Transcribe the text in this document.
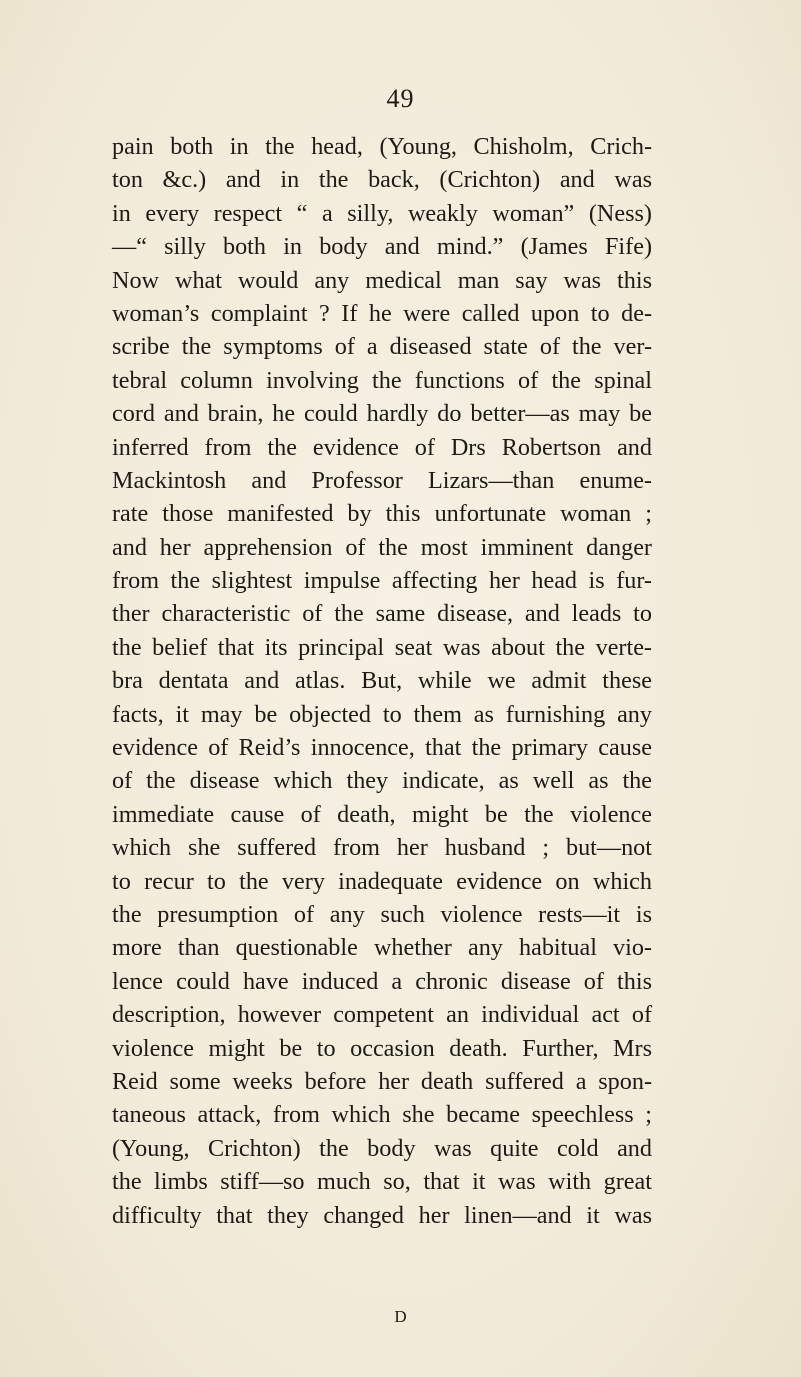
49
pain both in the head, (Young, Chisholm, Crich-
ton &c.) and in the back, (Crichton) and was
in every respect “ a silly, weakly woman” (Ness)
—“ silly both in body and mind.” (James Fife)
Now what would any medical man say was this
woman’s complaint ? If he were called upon to de-
scribe the symptoms of a diseased state of the ver-
tebral column involving the functions of the spinal
cord and brain, he could hardly do better—as may be
inferred from the evidence of Drs Robertson and
Mackintosh and Professor Lizars—than enume-
rate those manifested by this unfortunate woman ;
and her apprehension of the most imminent danger
from the slightest impulse affecting her head is fur-
ther characteristic of the same disease, and leads to
the belief that its principal seat was about the verte-
bra dentata and atlas. But, while we admit these
facts, it may be objected to them as furnishing any
evidence of Reid’s innocence, that the primary cause
of the disease which they indicate, as well as the
immediate cause of death, might be the violence
which she suffered from her husband ; but—not
to recur to the very inadequate evidence on which
the presumption of any such violence rests—it is
more than questionable whether any habitual vio-
lence could have induced a chronic disease of this
description, however competent an individual act of
violence might be to occasion death. Further, Mrs
Reid some weeks before her death suffered a spon-
taneous attack, from which she became speechless ;
(Young, Crichton) the body was quite cold and
the limbs stiff—so much so, that it was with great
difficulty that they changed her linen—and it was
D
